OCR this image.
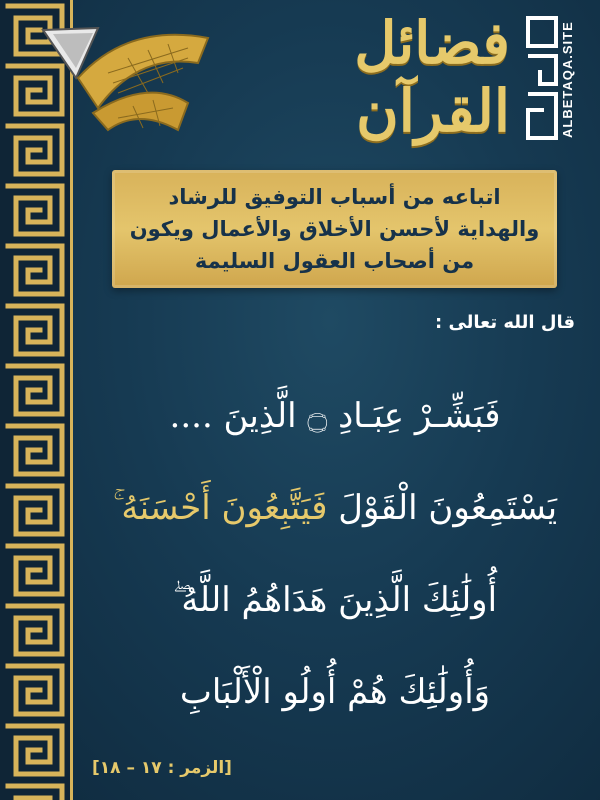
فضائل القرآن	ALBETAQA.SITE
اتباعه من أسباب التوفيق للرشاد
والهداية لأحسن الأخلاق والأعمال ويكون
من أصحاب العقول السليمة
قال الله تعالى :
فَبَشِّـرْ عِبَـادِ ۝ الَّذِينَ ....
يَسْتَمِعُونَ الْقَوْلَ فَيَتَّبِعُونَ أَحْسَنَهُ ۚ
أُولَٰئِكَ الَّذِينَ هَدَاهُمُ اللَّهُ ۖ
وَأُولَٰئِكَ هُمْ أُولُو الْأَلْبَابِ
[الزمر : ١٧ – ١٨]
